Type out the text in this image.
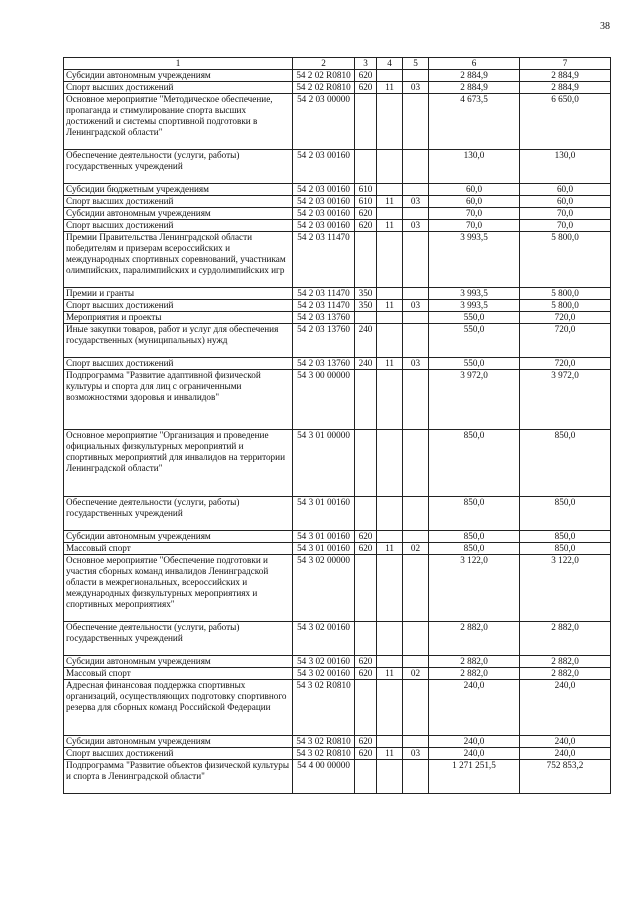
38
1	2	3	4	5	6	7
Субсидии автономным учреждениям	54 2 02 R0810	620			2 884,9	2 884,9
Спорт высших достижений	54 2 02 R0810	620	11	03	2 884,9	2 884,9
Основное мероприятие "Методическое обеспечение, пропаганда и стимулирование спорта высших достижений и системы спортивной подготовки в Ленинградской области"	54 2 03 00000				4 673,5	6 650,0
Обеспечение деятельности (услуги, работы) государственных учреждений	54 2 03 00160				130,0	130,0
Субсидии бюджетным учреждениям	54 2 03 00160	610			60,0	60,0
Спорт высших достижений	54 2 03 00160	610	11	03	60,0	60,0
Субсидии автономным учреждениям	54 2 03 00160	620			70,0	70,0
Спорт высших достижений	54 2 03 00160	620	11	03	70,0	70,0
Премии Правительства Ленинградской области победителям и призерам всероссийских и международных спортивных соревнований, участникам олимпийских, паралимпийских и сурдолимпийских игр	54 2 03 11470				3 993,5	5 800,0
Премии и гранты	54 2 03 11470	350			3 993,5	5 800,0
Спорт высших достижений	54 2 03 11470	350	11	03	3 993,5	5 800,0
Мероприятия и проекты	54 2 03 13760				550,0	720,0
Иные закупки товаров, работ и услуг для обеспечения государственных (муниципальных) нужд	54 2 03 13760	240			550,0	720,0
Спорт высших достижений	54 2 03 13760	240	11	03	550,0	720,0
Подпрограмма "Развитие адаптивной физической культуры и спорта для лиц с ограниченными возможностями здоровья и инвалидов"	54 3 00 00000				3 972,0	3 972,0
Основное мероприятие "Организация и проведение официальных физкультурных мероприятий и спортивных мероприятий для инвалидов на территории Ленинградской области"	54 3 01 00000				850,0	850,0
Обеспечение деятельности (услуги, работы) государственных учреждений	54 3 01 00160				850,0	850,0
Субсидии автономным учреждениям	54 3 01 00160	620			850,0	850,0
Массовый спорт	54 3 01 00160	620	11	02	850,0	850,0
Основное мероприятие "Обеспечение подготовки и участия сборных команд инвалидов Ленинградской области в межрегиональных, всероссийских и международных физкультурных мероприятиях и спортивных мероприятиях"	54 3 02 00000				3 122,0	3 122,0
Обеспечение деятельности (услуги, работы) государственных учреждений	54 3 02 00160				2 882,0	2 882,0
Субсидии автономным учреждениям	54 3 02 00160	620			2 882,0	2 882,0
Массовый спорт	54 3 02 00160	620	11	02	2 882,0	2 882,0
Адресная финансовая поддержка спортивных организаций, осуществляющих подготовку спортивного резерва для сборных команд Российской Федерации	54 3 02 R0810				240,0	240,0
Субсидии автономным учреждениям	54 3 02 R0810	620			240,0	240,0
Спорт высших достижений	54 3 02 R0810	620	11	03	240,0	240,0
Подпрограмма "Развитие объектов физической культуры и спорта в Ленинградской области"	54 4 00 00000				1 271 251,5	752 853,2
